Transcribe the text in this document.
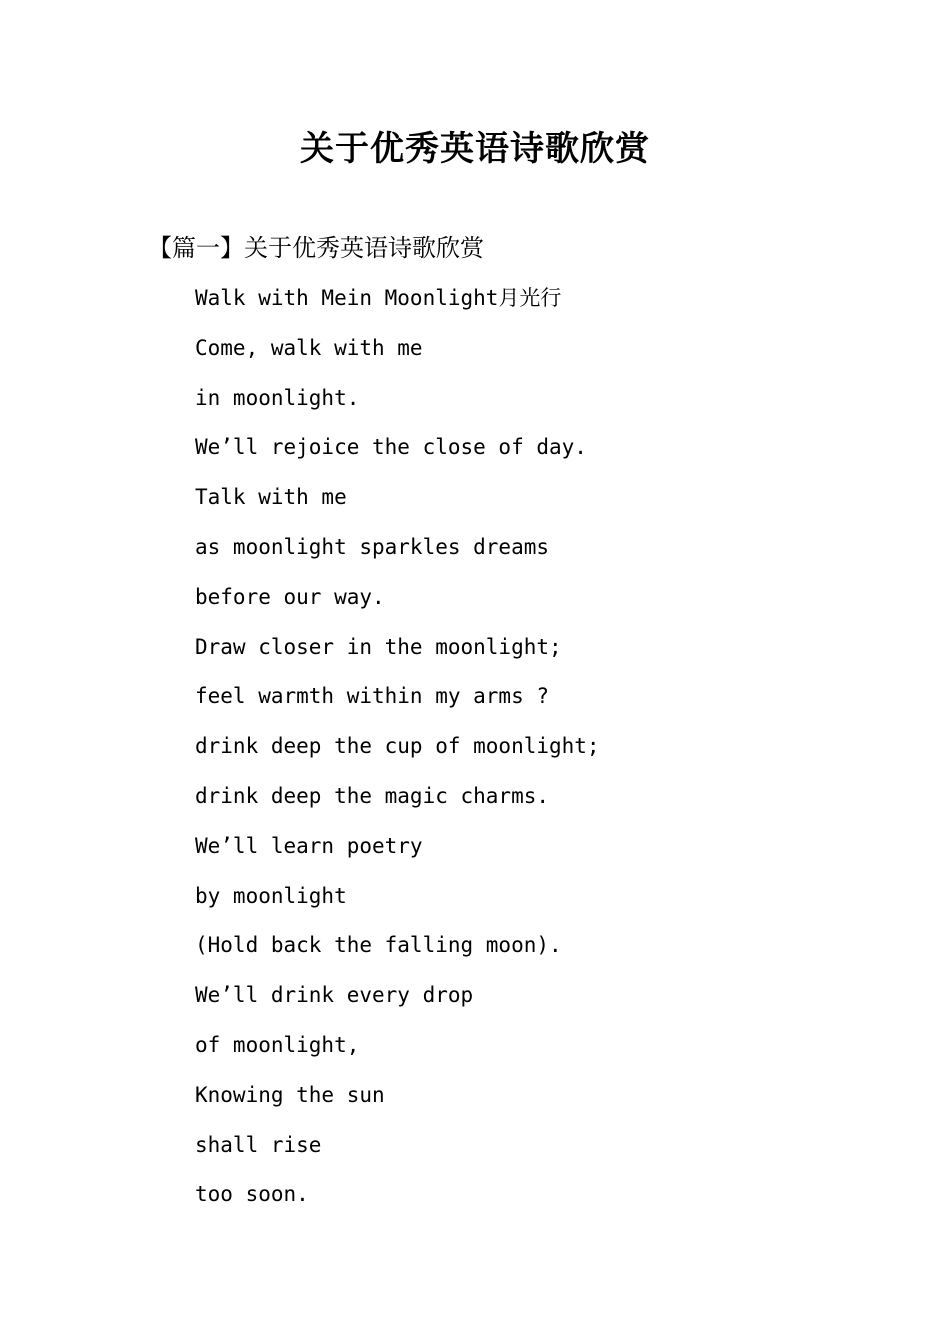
关于优秀英语诗歌欣赏
【篇一】关于优秀英语诗歌欣赏
Walk with Mein Moonlight月光行
Come, walk with me
in moonlight.
We’ll rejoice the close of day.
Talk with me
as moonlight sparkles dreams
before our way.
Draw closer in the moonlight;
feel warmth within my arms ?
drink deep the cup of moonlight;
drink deep the magic charms.
We’ll learn poetry
by moonlight
(Hold back the falling moon).
We’ll drink every drop
of moonlight,
Knowing the sun
shall rise
too soon.
